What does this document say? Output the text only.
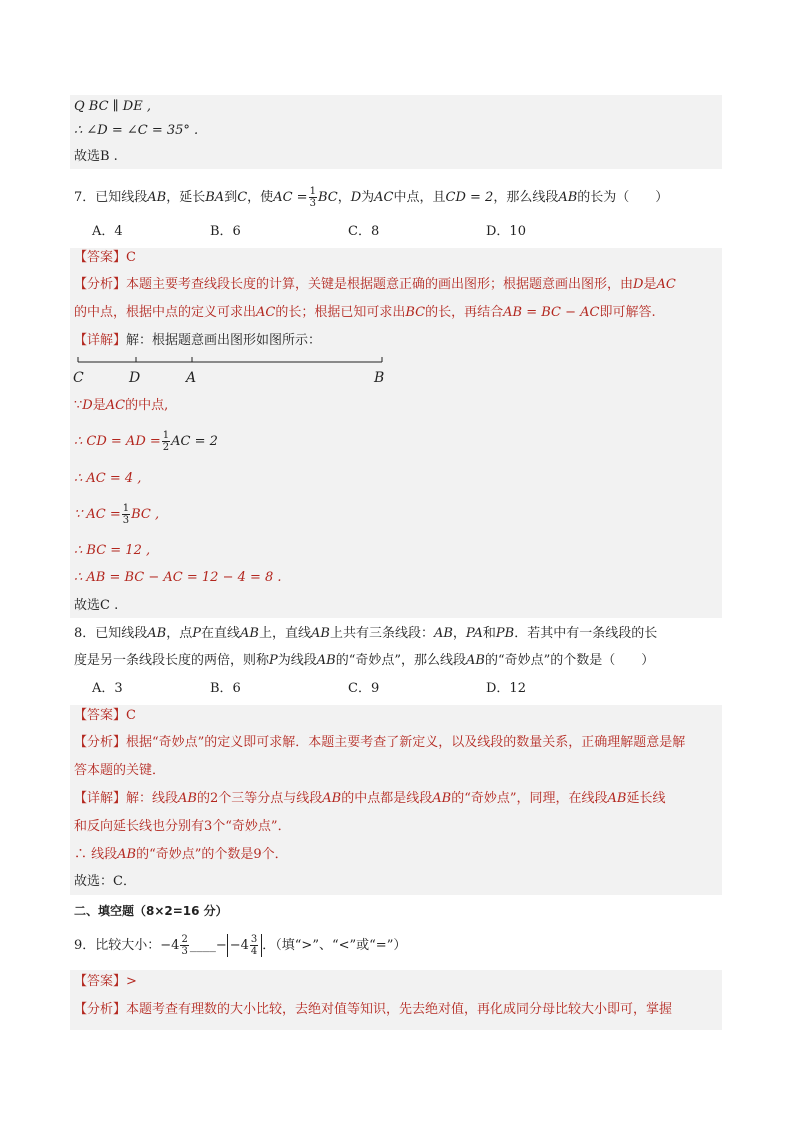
Q BC ∥ DE ,
∴ ∠D = ∠C = 35° .
故选B .
7．已知线段AB，延长BA到C，使AC = $\frac{1}{3}$ BC，D为AC中点，且CD = 2，那么线段AB的长为（　　）
A．4	B．6	C．8	D．10
【答案】C
【分析】本题主要考查线段长度的计算，关键是根据题意正确的画出图形；根据题意画出图形，由D是AC
的中点，根据中点的定义可求出AC的长；根据已知可求出BC的长，再结合AB = BC − AC即可解答.
【详解】解：根据题意画出图形如图所示：
C	D	A	B
∵D是AC的中点,
∴ CD = AD = $\frac{1}{2}$ AC = 2
∴ AC = 4 ,
∵ AC = $\frac{1}{3}$ BC ,
∴ BC = 12 ,
∴ AB = BC − AC = 12 − 4 = 8 .
故选C .
8．已知线段AB，点P在直线AB上，直线AB上共有三条线段：AB，PA和PB．若其中有一条线段的长
度是另一条线段长度的两倍，则称P为线段AB的“奇妙点”，那么线段AB的“奇妙点”的个数是（　　）
A．3	B．6	C．9	D．12
【答案】C
【分析】根据“奇妙点”的定义即可求解．本题主要考查了新定义，以及线段的数量关系，正确理解题意是解
答本题的关键．
【详解】解：线段AB的2个三等分点与线段AB的中点都是线段AB的“奇妙点”，同理，在线段AB延长线
和反向延长线也分别有3个“奇妙点”．
∴ 线段AB的“奇妙点”的个数是9个．
故选：C．
二、填空题（8×2=16 分）
9．比较大小：$-4 \frac{2}{3}$ ____− $-4 \frac{3}{4}$ ．（填“>”、“<”或“=”）
【答案】>
【分析】本题考查有理数的大小比较，去绝对值等知识，先去绝对值，再化成同分母比较大小即可，掌握
